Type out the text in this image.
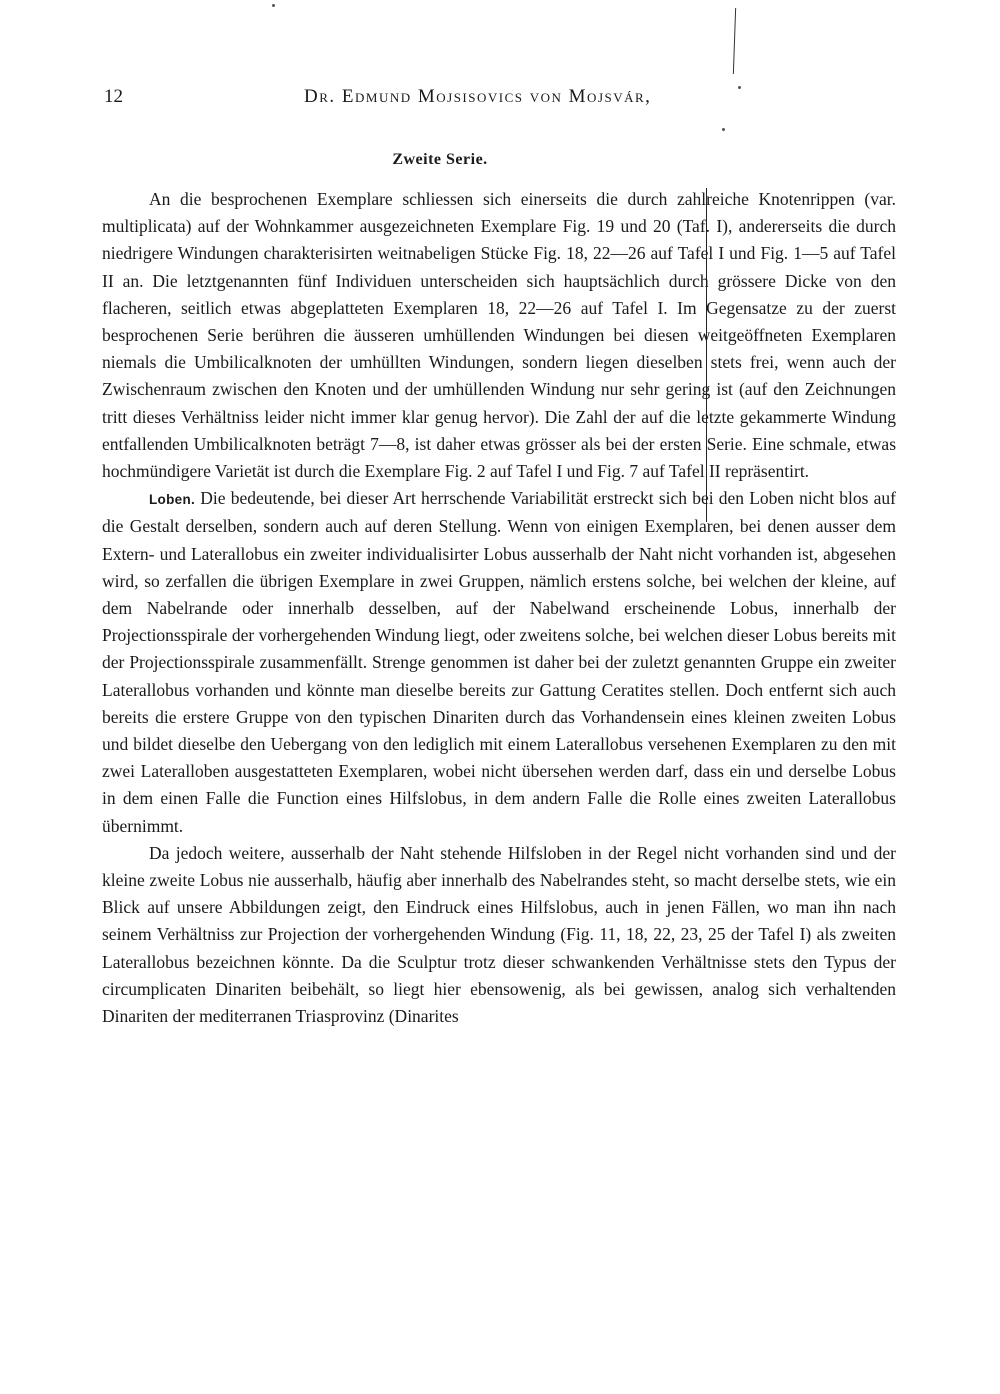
12	Dr. Edmund Mojsisovics von Mojsvár,
Zweite Serie.

An die besprochenen Exemplare schliessen sich einerseits die durch zahlreiche Knotenrippen (var. multiplicata) auf der Wohnkammer ausgezeichneten Exemplare Fig. 19 und 20 (Taf. I), andererseits die durch niedrigere Windungen charakterisirten weitnabeligen Stücke Fig. 18, 22—26 auf Tafel I und Fig. 1—5 auf Tafel II an. Die letztgenannten fünf Individuen unterscheiden sich hauptsächlich durch grössere Dicke von den flacheren, seitlich etwas abgeplatteten Exemplaren 18, 22—26 auf Tafel I. Im Gegensatze zu der zuerst besprochenen Serie berühren die äusseren umhüllenden Windungen bei diesen weitgeöffneten Exemplaren niemals die Umbilicalknoten der umhüllten Windungen, sondern liegen dieselben stets frei, wenn auch der Zwischenraum zwischen den Knoten und der umhüllenden Windung nur sehr gering ist (auf den Zeichnungen tritt dieses Verhältniss leider nicht immer klar genug hervor). Die Zahl der auf die letzte gekammerte Windung entfallenden Umbilicalknoten beträgt 7—8, ist daher etwas grösser als bei der ersten Serie. Eine schmale, etwas hochmündigere Varietät ist durch die Exemplare Fig. 2 auf Tafel I und Fig. 7 auf Tafel II repräsentirt.

Loben. Die bedeutende, bei dieser Art herrschende Variabilität erstreckt sich bei den Loben nicht blos auf die Gestalt derselben, sondern auch auf deren Stellung. Wenn von einigen Exemplaren, bei denen ausser dem Extern- und Laterallobus ein zweiter individualisirter Lobus ausserhalb der Naht nicht vorhanden ist, abgesehen wird, so zerfallen die übrigen Exemplare in zwei Gruppen, nämlich erstens solche, bei welchen der kleine, auf dem Nabelrande oder innerhalb desselben, auf der Nabelwand erscheinende Lobus, innerhalb der Projectionsspirale der vorhergehenden Windung liegt, oder zweitens solche, bei welchen dieser Lobus bereits mit der Projectionsspirale zusammenfällt. Strenge genommen ist daher bei der zuletzt genannten Gruppe ein zweiter Laterallobus vorhanden und könnte man dieselbe bereits zur Gattung Ceratites stellen. Doch entfernt sich auch bereits die erstere Gruppe von den typischen Dinariten durch das Vorhandensein eines kleinen zweiten Lobus und bildet dieselbe den Uebergang von den lediglich mit einem Laterallobus versehenen Exemplaren zu den mit zwei Lateralloben ausgestatteten Exemplaren, wobei nicht übersehen werden darf, dass ein und derselbe Lobus in dem einen Falle die Function eines Hilfslobus, in dem andern Falle die Rolle eines zweiten Laterallobus übernimmt.

Da jedoch weitere, ausserhalb der Naht stehende Hilfsloben in der Regel nicht vorhanden sind und der kleine zweite Lobus nie ausserhalb, häufig aber innerhalb des Nabelrandes steht, so macht derselbe stets, wie ein Blick auf unsere Abbildungen zeigt, den Eindruck eines Hilfslobus, auch in jenen Fällen, wo man ihn nach seinem Verhältniss zur Projection der vorhergehenden Windung (Fig. 11, 18, 22, 23, 25 der Tafel I) als zweiten Laterallobus bezeichnen könnte. Da die Sculptur trotz dieser schwankenden Verhältnisse stets den Typus der circumplicaten Dinariten beibehält, so liegt hier ebensowenig, als bei gewissen, analog sich verhaltenden Dinariten der mediterranen Triasprovinz (Dinarites
